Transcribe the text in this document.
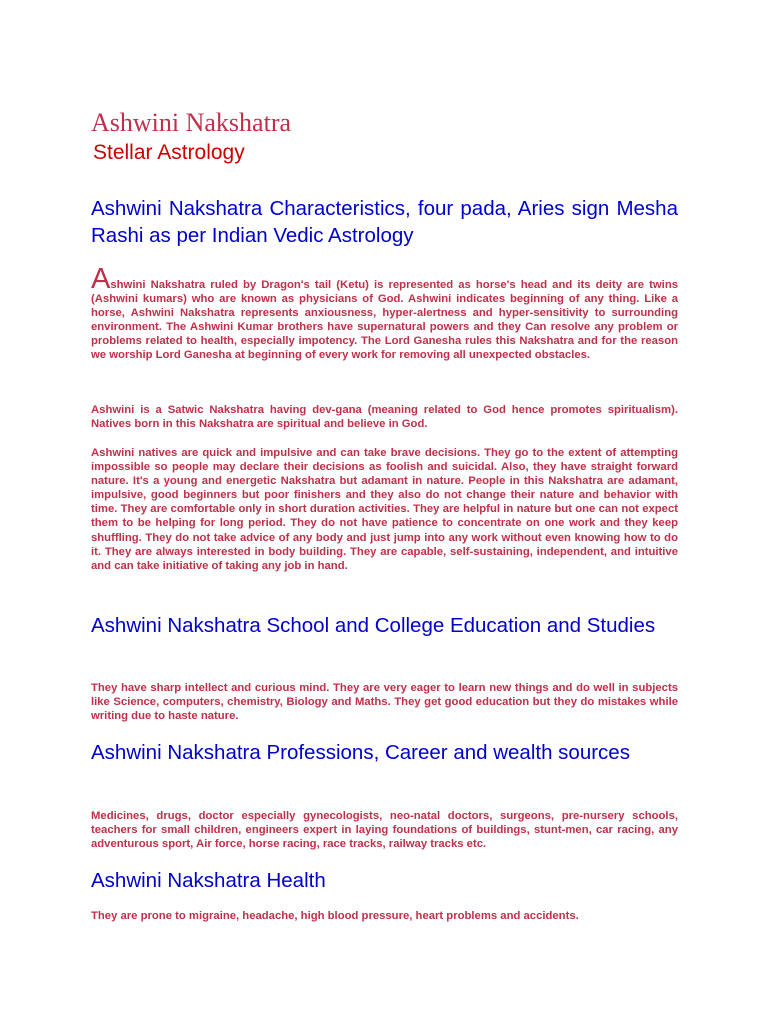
Ashwini Nakshatra
Stellar Astrology
Ashwini Nakshatra Characteristics, four pada, Aries sign Mesha Rashi as per Indian Vedic Astrology

Ashwini Nakshatra ruled by Dragon's tail (Ketu) is represented as horse's head and its deity are twins (Ashwini kumars) who are known as physicians of God. Ashwini indicates beginning of any thing. Like a horse, Ashwini Nakshatra represents anxiousness, hyper-alertness and hyper-sensitivity to surrounding environment. The Ashwini Kumar brothers have supernatural powers and they Can resolve any problem or problems related to health, especially impotency. The Lord Ganesha rules this Nakshatra and for the reason we worship Lord Ganesha at beginning of every work for removing all unexpected obstacles.

Ashwini is a Satwic Nakshatra having dev-gana (meaning related to God hence promotes spiritualism). Natives born in this Nakshatra are spiritual and believe in God.

Ashwini natives are quick and impulsive and can take brave decisions. They go to the extent of attempting impossible so people may declare their decisions as foolish and suicidal. Also, they have straight forward nature. It's a young and energetic Nakshatra but adamant in nature. People in this Nakshatra are adamant, impulsive, good beginners but poor finishers and they also do not change their nature and behavior with time. They are comfortable only in short duration activities. They are helpful in nature but one can not expect them to be helping for long period. They do not have patience to concentrate on one work and they keep shuffling. They do not take advice of any body and just jump into any work without even knowing how to do it. They are always interested in body building. They are capable, self-sustaining, independent, and intuitive and can take initiative of taking any job in hand.

Ashwini Nakshatra School and College Education and Studies

They have sharp intellect and curious mind. They are very eager to learn new things and do well in subjects like Science, computers, chemistry, Biology and Maths. They get good education but they do mistakes while writing due to haste nature.

Ashwini Nakshatra Professions, Career and wealth sources

Medicines, drugs, doctor especially gynecologists, neo-natal doctors, surgeons, pre-nursery schools, teachers for small children, engineers expert in laying foundations of buildings, stunt-men, car racing, any adventurous sport, Air force, horse racing, race tracks, railway tracks etc.

Ashwini Nakshatra Health

They are prone to migraine, headache, high blood pressure, heart problems and accidents.
